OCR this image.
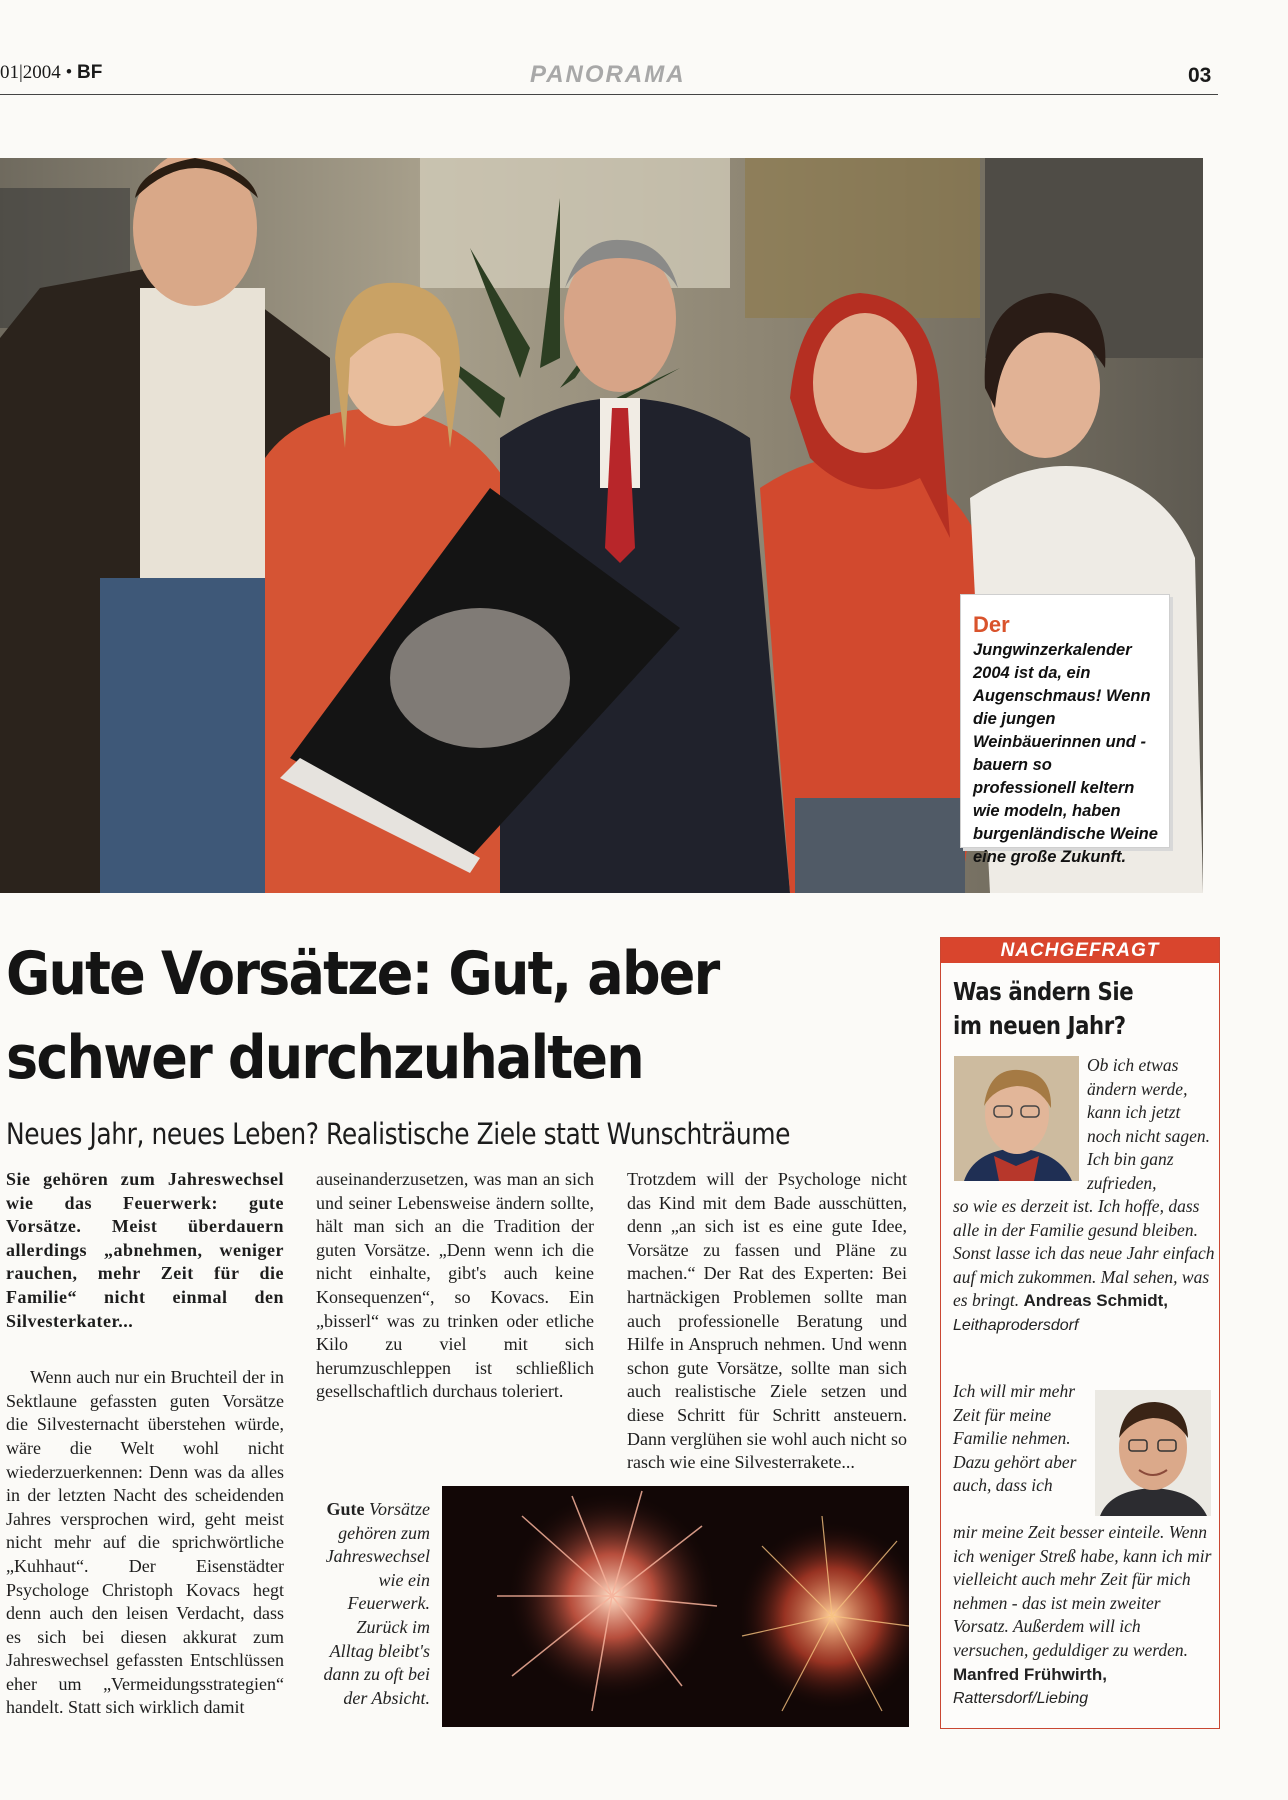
01|2004 • BF	PANORAMA	03
Der Jungwinzerkalender 2004 ist da, ein Augenschmaus! Wenn die jungen Weinbäuerinnen und -bauern so professionell keltern wie modeln, haben burgenländische Weine eine große Zukunft.
Gute Vorsätze: Gut, aber schwer durchzuhalten
Neues Jahr, neues Leben? Realistische Ziele statt Wunschträume

Sie gehören zum Jahreswechsel wie das Feuerwerk: gute Vorsätze. Meist überdauern allerdings „abnehmen, weniger rauchen, mehr Zeit für die Familie“ nicht einmal den Silvesterkater...

Wenn auch nur ein Bruchteil der in Sektlaune gefassten guten Vorsätze die Silvesternacht überstehen würde, wäre die Welt wohl nicht wiederzuerkennen: Denn was da alles in der letzten Nacht des scheidenden Jahres versprochen wird, geht meist nicht mehr auf die sprichwörtliche „Kuhhaut“. Der Eisenstädter Psychologe Christoph Kovacs hegt denn auch den leisen Verdacht, dass es sich bei diesen akkurat zum Jahreswechsel gefassten Entschlüssen eher um „Vermeidungsstrategien“ handelt. Statt sich wirklich damit

auseinanderzusetzen, was man an sich und seiner Lebensweise ändern sollte, hält man sich an die Tradition der guten Vorsätze. „Denn wenn ich die nicht einhalte, gibt's auch keine Konsequenzen“, so Kovacs. Ein „bisserl“ was zu trinken oder etliche Kilo zu viel mit sich herumzuschleppen ist schließlich gesellschaftlich durchaus toleriert.

Trotzdem will der Psychologe nicht das Kind mit dem Bade ausschütten, denn „an sich ist es eine gute Idee, Vorsätze zu fassen und Pläne zu machen.“ Der Rat des Experten: Bei hartnäckigen Problemen sollte man auch professionelle Beratung und Hilfe in Anspruch nehmen. Und wenn schon gute Vorsätze, sollte man sich auch realistische Ziele setzen und diese Schritt für Schritt ansteuern. Dann verglühen sie wohl auch nicht so rasch wie eine Silvesterrakete...

Gute Vorsätze gehören zum Jahreswechsel wie ein Feuerwerk. Zurück im Alltag bleibt's dann zu oft bei der Absicht.
NACHGEFRAGT
Was ändern Sie im neuen Jahr?
Ob ich etwas ändern werde, kann ich jetzt noch nicht sagen. Ich bin ganz zufrieden,
so wie es derzeit ist. Ich hoffe, dass alle in der Familie gesund bleiben. Sonst lasse ich das neue Jahr einfach auf mich zukommen. Mal sehen, was es bringt. Andreas Schmidt, Leithaprodersdorf
Ich will mir mehr Zeit für meine Familie nehmen. Dazu gehört aber auch, dass ich
mir meine Zeit besser einteile. Wenn ich weniger Streß habe, kann ich mir vielleicht auch mehr Zeit für mich nehmen - das ist mein zweiter Vorsatz. Außerdem will ich versuchen, geduldiger zu werden. Manfred Frühwirth, Rattersdorf/Liebing
